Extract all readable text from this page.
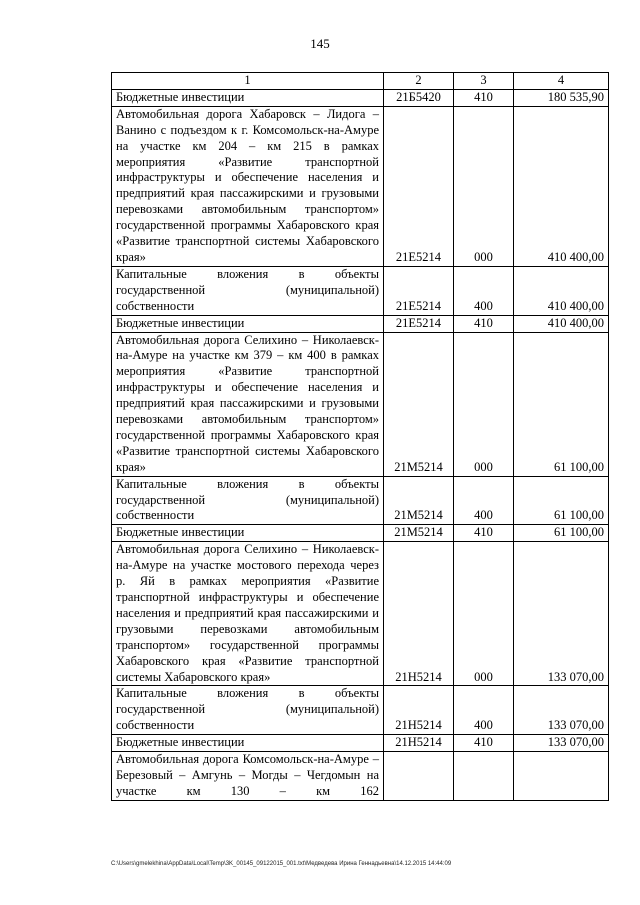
145
1	2	3	4
Бюджетные инвестиции	21Б5420	410	180 535,90
Автомобильная дорога Хабаровск – Лидога – Ванино с подъездом к г. Комсомольск-на-Амуре на участке км 204 – км 215 в рамках мероприятия «Развитие транспортной инфраструктуры и обеспечение населения и предприятий края пассажирскими и грузовыми перевозками автомобильным транспортом» государственной программы Хабаровского края «Развитие транспортной системы Хабаровского края»	21Е5214	000	410 400,00
Капитальные вложения в объекты государственной (муниципальной) собственности	21Е5214	400	410 400,00
Бюджетные инвестиции	21Е5214	410	410 400,00
Автомобильная дорога Селихино – Николаевск-на-Амуре на участке км 379 – км 400 в рамках мероприятия «Развитие транспортной инфраструктуры и обеспечение населения и предприятий края пассажирскими и грузовыми перевозками автомобильным транспортом» государственной программы Хабаровского края «Развитие транспортной системы Хабаровского края»	21М5214	000	61 100,00
Капитальные вложения в объекты государственной (муниципальной) собственности	21М5214	400	61 100,00
Бюджетные инвестиции	21М5214	410	61 100,00
Автомобильная дорога Селихино – Николаевск-на-Амуре на участке мостового перехода через р. Яй в рамках мероприятия «Развитие транспортной инфраструктуры и обеспечение населения и предприятий края пассажирскими и грузовыми перевозками автомобильным транспортом» государственной программы Хабаровского края «Развитие транспортной системы Хабаровского края»	21Н5214	000	133 070,00
Капитальные вложения в объекты государственной (муниципальной) собственности	21Н5214	400	133 070,00
Бюджетные инвестиции	21Н5214	410	133 070,00
Автомобильная дорога Комсомольск-на-Амуре – Березовый – Амгунь – Могды – Чегдомын на участке км 130 – км 162			
C:\Users\gmelekhina\AppData\Local\Temp\3K_00145_09122015_001.txt\Медведева Ирина Геннадьевна\14.12.2015 14:44:09
